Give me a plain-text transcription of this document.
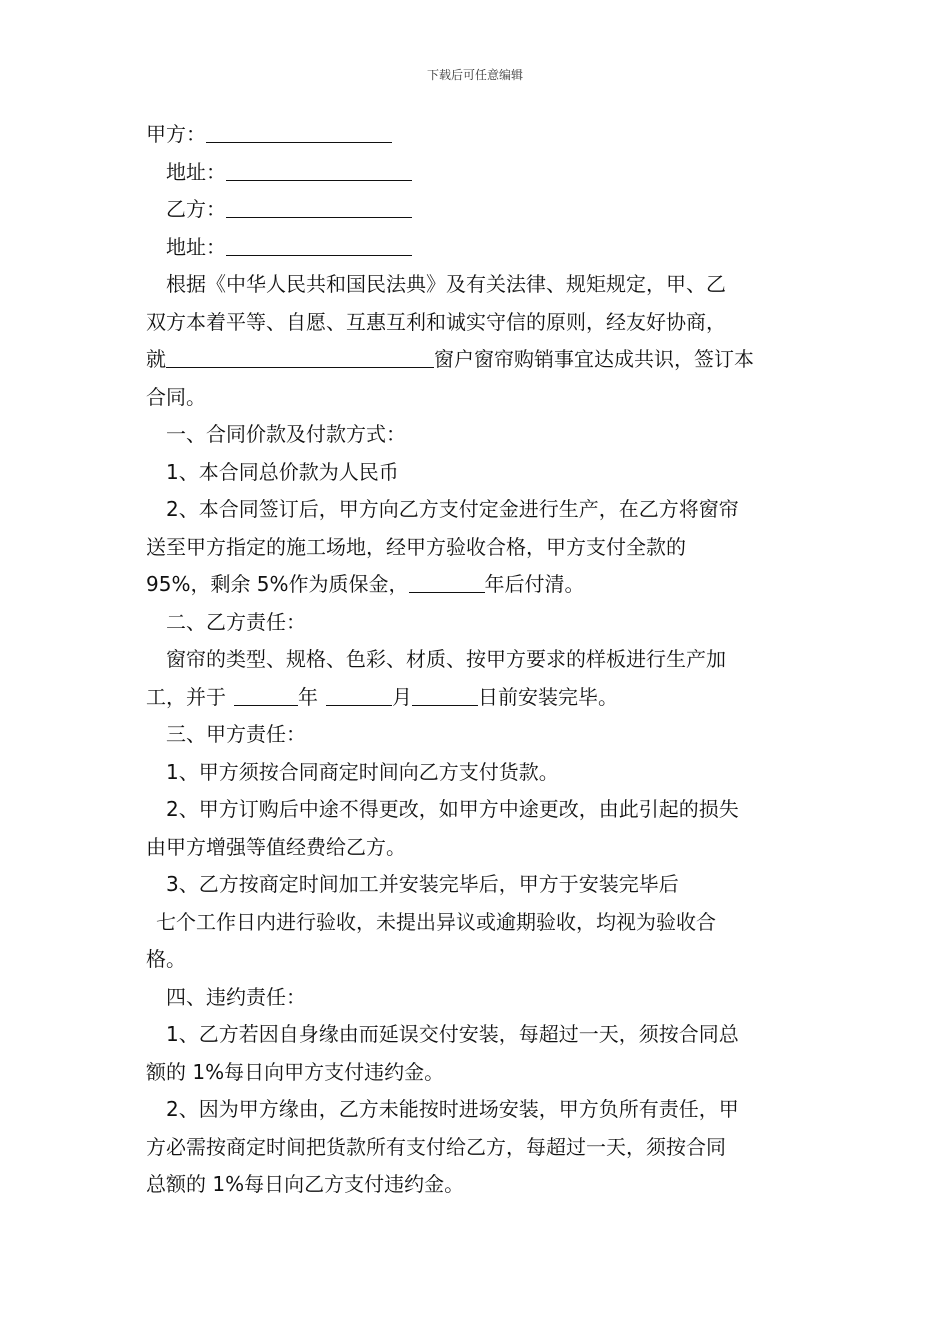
下载后可任意编辑
甲方：
地址：
乙方：
地址：
根据《中华人民共和国民法典》及有关法律、规矩规定，甲、乙
双方本着平等、自愿、互惠互利和诚实守信的原则，经友好协商，
就	窗户窗帘购销事宜达成共识，签订本
合同。
一、合同价款及付款方式：
1、本合同总价款为人民币
2、本合同签订后，甲方向乙方支付定金进行生产，在乙方将窗帘
送至甲方指定的施工场地，经甲方验收合格，甲方支付全款的
95%，剩余 5%作为质保金，	年后付清。
二、乙方责任：
窗帘的类型、规格、色彩、材质、按甲方要求的样板进行生产加
工，并于	年	月	日前安装完毕。
三、甲方责任：
1、甲方须按合同商定时间向乙方支付货款。
2、甲方订购后中途不得更改，如甲方中途更改，由此引起的损失
由甲方增强等值经费给乙方。
3、乙方按商定时间加工并安装完毕后，甲方于安装完毕后
七个工作日内进行验收，未提出异议或逾期验收，均视为验收合
格。
四、违约责任：
1、乙方若因自身缘由而延误交付安装，每超过一天，须按合同总
额的 1%每日向甲方支付违约金。
2、因为甲方缘由，乙方未能按时进场安装，甲方负所有责任，甲
方必需按商定时间把货款所有支付给乙方，每超过一天，须按合同
总额的 1%每日向乙方支付违约金。
